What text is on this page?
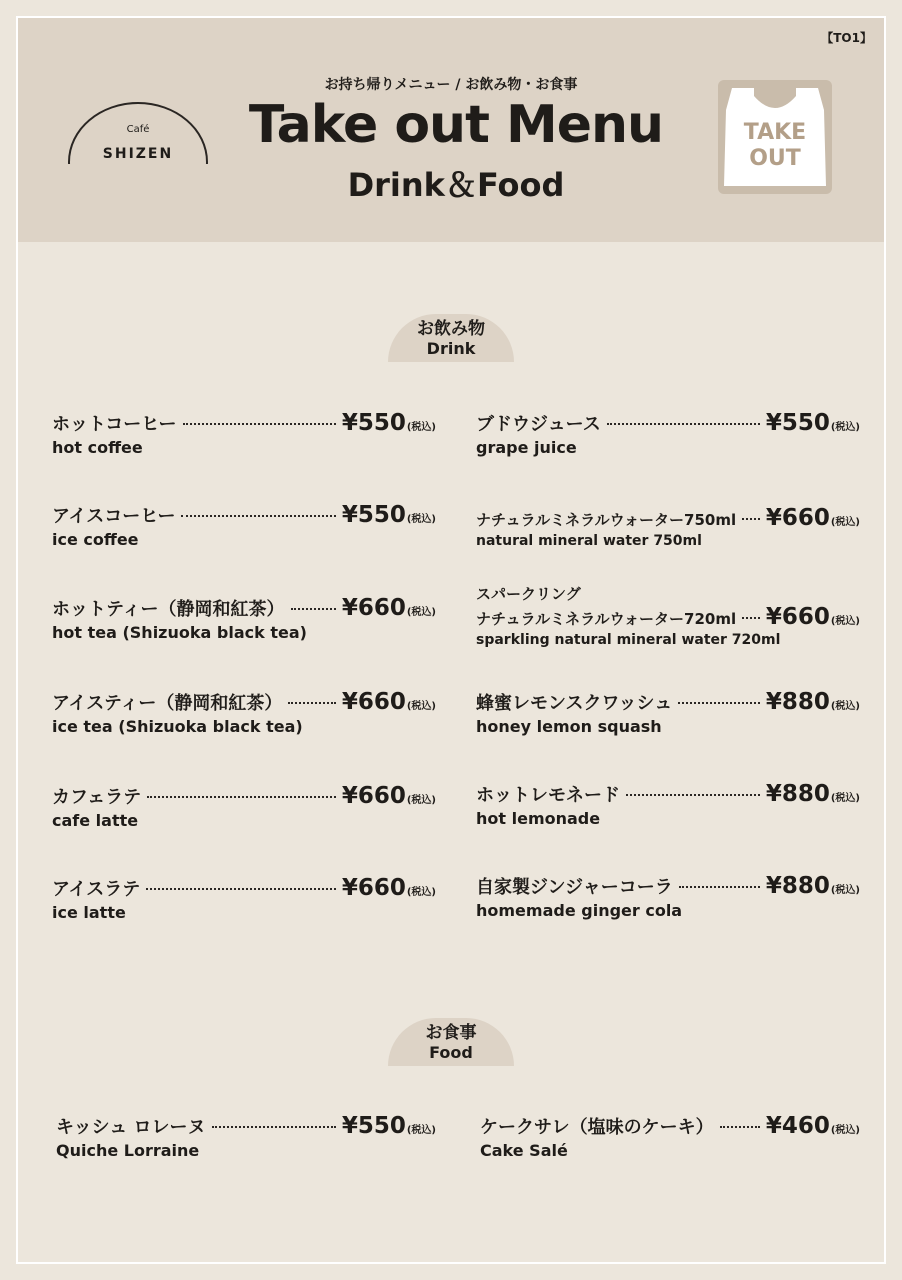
【TO1】
Café
SHIZEN
お持ち帰りメニュー / お飲み物・お食事
Take out Menu
Drink＆Food
TAKE
OUT
お飲み物
Drink
ホットコーヒー	¥550 (税込)
hot coffee
アイスコーヒー	¥550 (税込)
ice coffee
ホットティー（静岡和紅茶） ¥660 (税込)
hot tea (Shizuoka black tea)
アイスティー（静岡和紅茶）	¥660 (税込)
ice tea (Shizuoka black tea)
カフェラテ	¥660 (税込)
cafe latte
アイスラテ	¥660 (税込)
ice latte
ブドウジュース	¥550 (税込)
grape juice
ナチュラルミネラルウォーター750ml ¥660 (税込)
natural mineral water 750ml
スパークリング
ナチュラルミネラルウォーター720ml ¥660 (税込)
sparkling natural mineral water 720ml
蜂蜜レモンスクワッシュ	¥880 (税込)
honey lemon squash
ホットレモネード	¥880 (税込)
hot lemonade
自家製ジンジャーコーラ	¥880 (税込)
homemade ginger cola
お食事
Food
キッシュ ロレーヌ	¥550 (税込)
Quiche Lorraine
ケークサレ（塩味のケーキ） ¥460 (税込)
Cake Salé
